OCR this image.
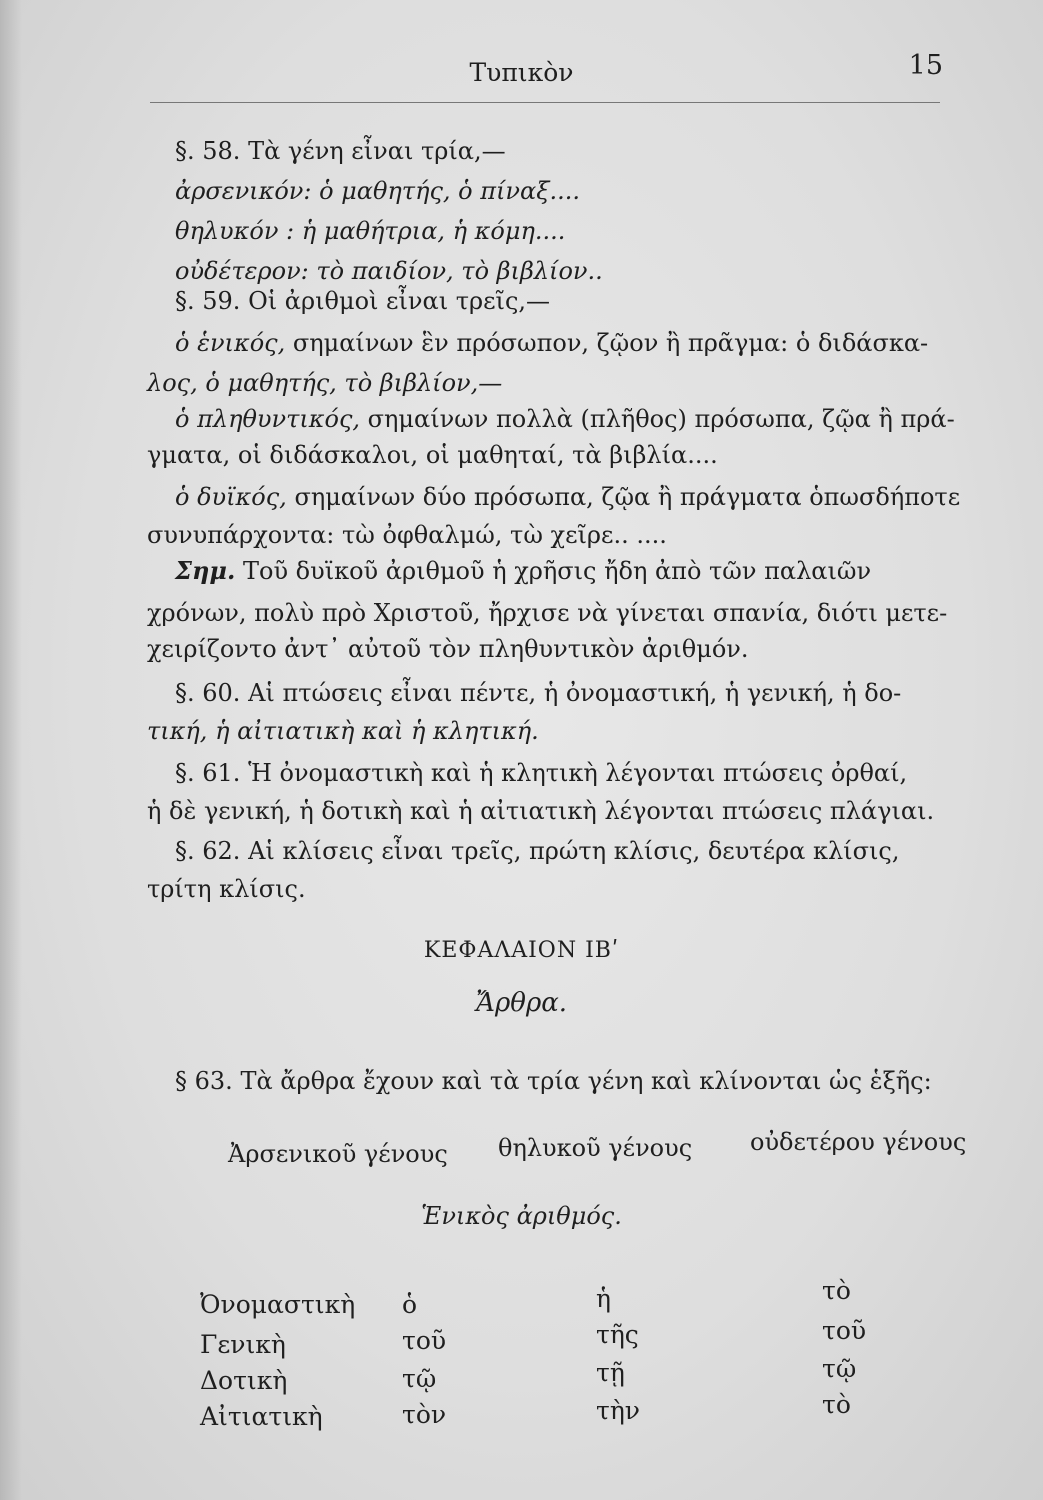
Τυπικὸν	15
§. 58. Τὰ γένη εἶναι τρία,—
ἀρσενικόν: ὁ μαθητής, ὁ πίναξ....
θηλυκόν : ἡ μαθήτρια, ἡ κόμη....
οὐδέτερον: τὸ παιδίον, τὸ βιβλίον..
§. 59. Οἱ ἀριθμοὶ εἶναι τρεῖς,—
ὁ ἑνικός, σημαίνων ἓν πρόσωπον, ζῷον ἢ πρᾶγμα: ὁ διδάσκα-
λος, ὁ μαθητής, τὸ βιβλίον,—
ὁ πληθυντικός, σημαίνων πολλὰ (πλῆθος) πρόσωπα, ζῷα ἢ πρά-
γματα, οἱ διδάσκαλοι, οἱ μαθηταί, τὰ βιβλία....
ὁ δυϊκός, σημαίνων δύο πρόσωπα, ζῷα ἢ πράγματα ὁπωσδήποτε
συνυπάρχοντα: τὼ ὀφθαλμώ, τὼ χεῖρε.. ....
Σημ. Τοῦ δυϊκοῦ ἀριθμοῦ ἡ χρῆσις ἤδη ἀπὸ τῶν παλαιῶν
χρόνων, πολὺ πρὸ Χριστοῦ, ἤρχισε νὰ γίνεται σπανία, διότι μετε-
χειρίζοντο ἀντ᾽ αὐτοῦ τὸν πληθυντικὸν ἀριθμόν.
§. 60. Αἱ πτώσεις εἶναι πέντε, ἡ ὀνομαστική, ἡ γενική, ἡ δο-
τική, ἡ αἰτιατικὴ καὶ ἡ κλητική.
§. 61. Ἡ ὀνομαστικὴ καὶ ἡ κλητικὴ λέγονται πτώσεις ὀρθαί,
ἡ δὲ γενική, ἡ δοτικὴ καὶ ἡ αἰτιατικὴ λέγονται πτώσεις πλάγιαι.
§. 62. Αἱ κλίσεις εἶναι τρεῖς, πρώτη κλίσις, δευτέρα κλίσις,
τρίτη κλίσις.
ΚΕΦΑΛΑΙΟΝ ΙΒʹ
Ἄρθρα.
§ 63. Τὰ ἄρθρα ἔχουν καὶ τὰ τρία γένη καὶ κλίνονται ὡς ἑξῆς:
Ἀρσενικοῦ γένους θηλυκοῦ γένους οὐδετέρου γένους
Ἑνικὸς ἀριθμός.
Ὀνομαστικὴ ὁ	ἡ	τὸ
Γενικὴ	τοῦ	τῆς	τοῦ
Δοτικὴ	τῷ	τῇ	τῷ
Αἰτιατικὴ	τὸν	τὴν	τὸ
